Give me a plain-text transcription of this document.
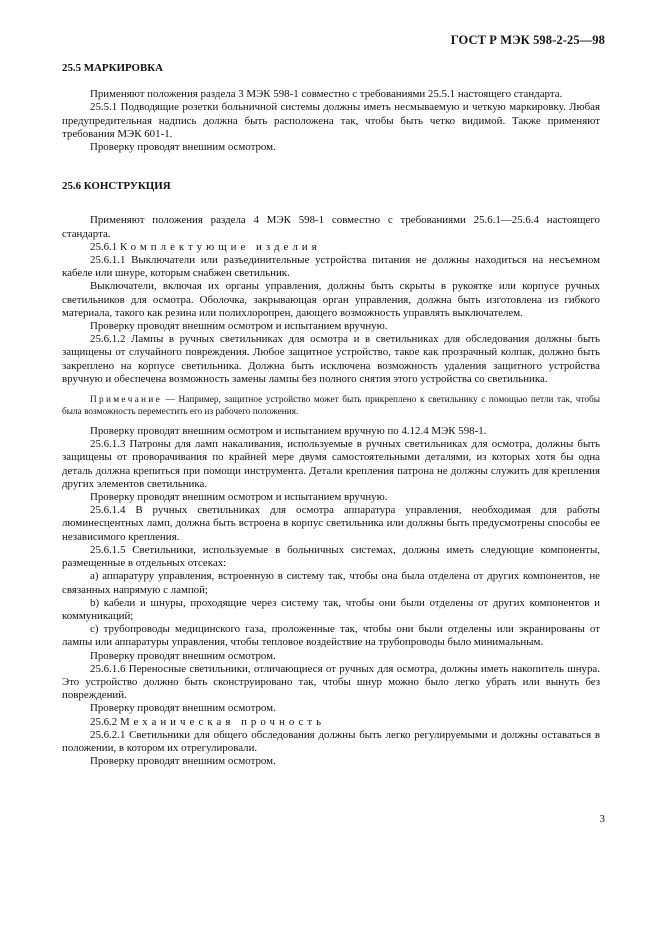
ГОСТ Р МЭК 598-2-25—98
25.5 МАРКИРОВКА

Применяют положения раздела 3 МЭК 598-1 совместно с требованиями 25.5.1 настоящего стандарта.

25.5.1 Подводящие розетки больничной системы должны иметь несмываемую и четкую маркировку. Любая предупредительная надпись должна быть расположена так, чтобы быть четко видимой. Также применяют требования МЭК 601-1.

Проверку проводят внешним осмотром.

25.6 КОНСТРУКЦИЯ

Применяют положения раздела 4 МЭК 598-1 совместно с требованиями 25.6.1—25.6.4 настоящего стандарта.

25.6.1 Комплектующие изделия

25.6.1.1 Выключатели или разъединительные устройства питания не должны находиться на несъемном кабеле или шнуре, которым снабжен светильник.

Выключатели, включая их органы управления, должны быть скрыты в рукоятке или корпусе ручных светильников для осмотра. Оболочка, закрывающая орган управления, должна быть изготовлена из гибкого материала, такого как резина или полихлоропрен, дающего возможность управлять выключателем.

Проверку проводят внешним осмотром и испытанием вручную.

25.6.1.2 Лампы в ручных светильниках для осмотра и в светильниках для обследования должны быть защищены от случайного повреждения. Любое защитное устройство, такое как прозрачный колпак, должно быть закреплено на корпусе светильника. Должна быть исключена возможность удаления защитного устройства вручную и обеспечена возможность замены лампы без полного снятия этого устройства со светильника.

Примечание — Например, защитное устройство может быть прикреплено к светильнику с помощью петли так, чтобы была возможность переместить его из рабочего положения.

Проверку проводят внешним осмотром и испытанием вручную по 4.12.4 МЭК 598-1.

25.6.1.3 Патроны для ламп накаливания, используемые в ручных светильниках для осмотра, должны быть защищены от проворачивания по крайней мере двумя самостоятельными деталями, из которых хотя бы одна деталь должна крепиться при помощи инструмента. Детали крепления патрона не должны служить для крепления других элементов светильника.

Проверку проводят внешним осмотром и испытанием вручную.

25.6.1.4 В ручных светильниках для осмотра аппаратура управления, необходимая для работы люминесцентных ламп, должна быть встроена в корпус светильника или должны быть предусмотрены способы ее независимого крепления.

25.6.1.5 Светильники, используемые в больничных системах, должны иметь следующие компоненты, размещенные в отдельных отсеках:

а) аппаратуру управления, встроенную в систему так, чтобы она была отделена от других компонентов, не связанных напрямую с лампой;

b) кабели и шнуры, проходящие через систему так, чтобы они были отделены от других компонентов и коммуникаций;

с) трубопроводы медицинского газа, проложенные так, чтобы они были отделены или экранированы от лампы или аппаратуры управления, чтобы тепловое воздействие на трубопроводы было минимальным.

Проверку проводят внешним осмотром.

25.6.1.6 Переносные светильники, отличающиеся от ручных для осмотра, должны иметь накопитель шнура. Это устройство должно быть сконструировано так, чтобы шнур можно было легко убрать или вынуть без повреждений.

Проверку проводят внешним осмотром.

25.6.2 Механическая прочность

25.6.2.1 Светильники для общего обследования должны быть легко регулируемыми и должны оставаться в положении, в котором их отрегулировали.

Проверку проводят внешним осмотром.

3
